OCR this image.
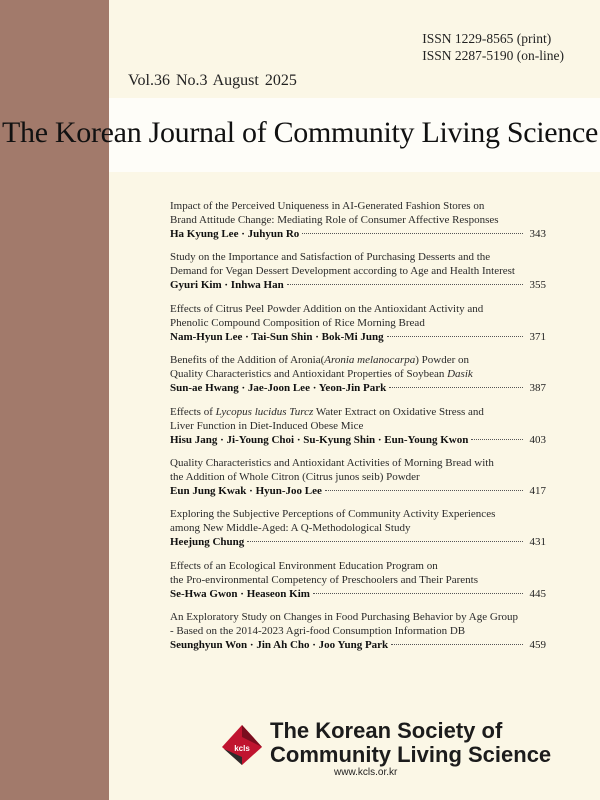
ISSN 1229-8565 (print)
ISSN 2287-5190 (on-line)
Vol.36 No.3 August 2025
The Korean Journal of Community Living Science
Impact of the Perceived Uniqueness in AI-Generated Fashion Stores on
Brand Attitude Change: Mediating Role of Consumer Affective Responses
Ha Kyung Lee · Juhyun Ro	343
Study on the Importance and Satisfaction of Purchasing Desserts and the
Demand for Vegan Dessert Development according to Age and Health Interest
Gyuri Kim · Inhwa Han	355
Effects of Citrus Peel Powder Addition on the Antioxidant Activity and
Phenolic Compound Composition of Rice Morning Bread
Nam-Hyun Lee · Tai-Sun Shin · Bok-Mi Jung	371
Benefits of the Addition of Aronia(Aronia melanocarpa) Powder on
Quality Characteristics and Antioxidant Properties of Soybean Dasik
Sun-ae Hwang · Jae-Joon Lee · Yeon-Jin Park	387
Effects of Lycopus lucidus Turcz Water Extract on Oxidative Stress and
Liver Function in Diet-Induced Obese Mice
Hisu Jang · Ji-Young Choi · Su-Kyung Shin · Eun-Young Kwon	403
Quality Characteristics and Antioxidant Activities of Morning Bread with
the Addition of Whole Citron (Citrus junos seib) Powder
Eun Jung Kwak · Hyun-Joo Lee	417
Exploring the Subjective Perceptions of Community Activity Experiences
among New Middle-Aged: A Q-Methodological Study
Heejung Chung	431
Effects of an Ecological Environment Education Program on
the Pro-environmental Competency of Preschoolers and Their Parents
Se-Hwa Gwon · Heaseon Kim	445
An Exploratory Study on Changes in Food Purchasing Behavior by Age Group
- Based on the 2014-2023 Agri-food Consumption Information DB
Seunghyun Won · Jin Ah Cho · Joo Yung Park	459
kcls
The Korean Society of
Community Living Science
www.kcls.or.kr
